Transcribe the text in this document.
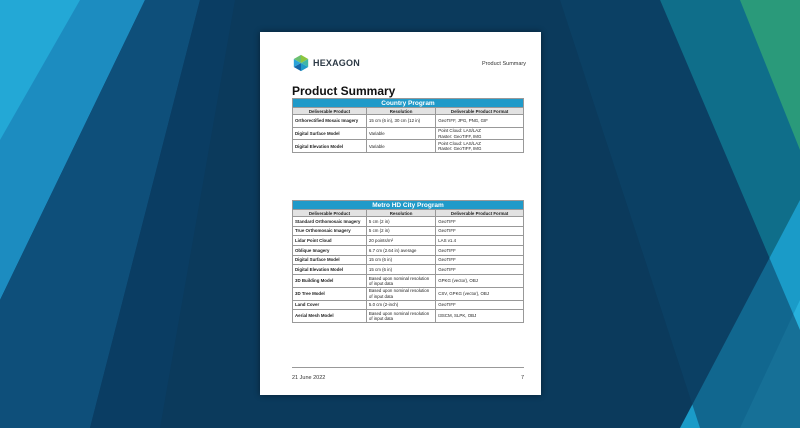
HEXAGON	Product Summary
Product Summary
Country Program		
Deliverable Product	Resolution	Deliverable Product Format
Orthorectified Mosaic Imagery	15 cm (6 in), 30 cm (12 in)	GeoTIFF, JPG, PNG, GIF
Digital Surface Model	Variable	Point Cloud: LAS/LAZ
Raster: GeoTIFF, IMG
Digital Elevation Model	Variable	Point Cloud: LAS/LAZ
Raster: GeoTIFF, IMG
Metro HD City Program		
Deliverable Product	Resolution	Deliverable Product Format
Standard Orthomosaic Imagery	5 cm (2 in)	GeoTIFF
True Orthomosaic Imagery	5 cm (2 in)	GeoTIFF
Lidar Point Cloud	20 points/m²	LAS v1.4
Oblique Imagery	6.7 cm (2.64 in) average	GeoTIFF
Digital Surface Model	15 cm (6 in)	GeoTIFF
Digital Elevation Model	15 cm (6 in)	GeoTIFF
3D Building Model	Based upon nominal resolution of input data	GPKG (vector), OBJ
3D Tree Model	Based upon nominal resolution of input data	CSV, GPKG (vector), OBJ
Land Cover	5.0 cm (2-inch)	GeoTIFF
Aerial Mesh Model	Based upon nominal resolution of input data	I3SCM, SLPK, OBJ
21 June 2022	7
